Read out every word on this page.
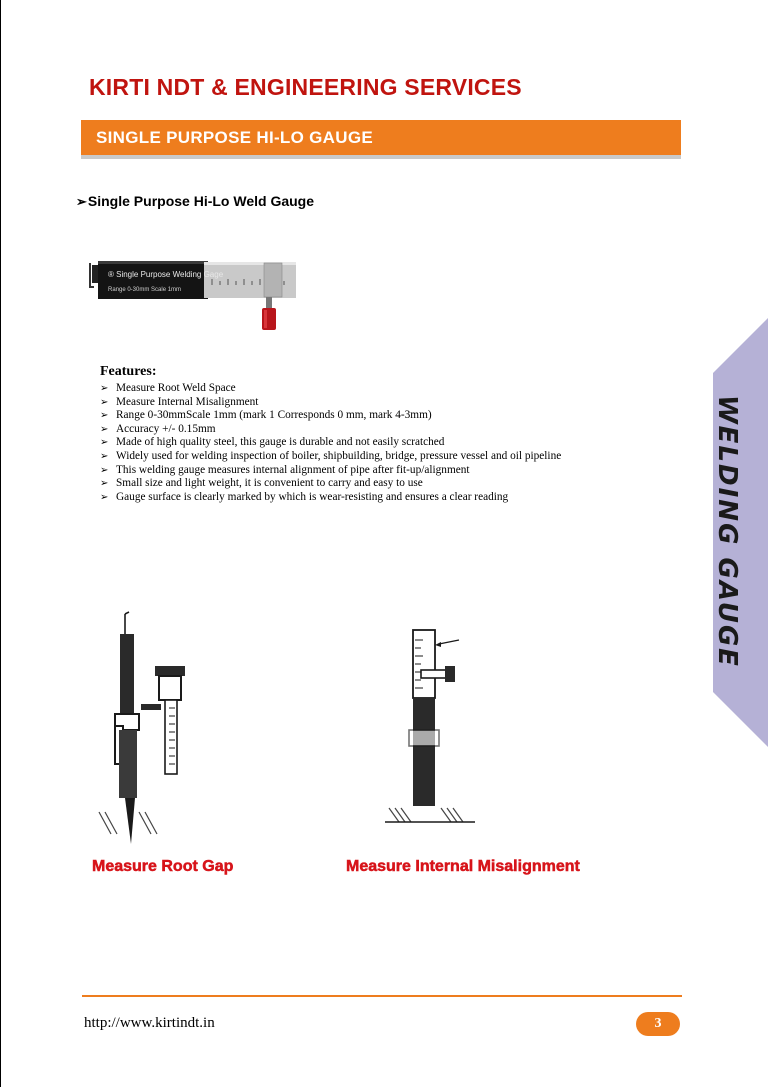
KIRTI NDT & ENGINEERING SERVICES
SINGLE PURPOSE HI-LO GAUGE
➢Single Purpose Hi-Lo Weld Gauge
® Single Purpose Welding Gage
Range 0-30mm Scale 1mm
Features:
➢ Measure Root Weld Space
➢ Measure Internal Misalignment
➢ Range 0-30mmScale 1mm (mark 1 Corresponds 0 mm, mark 4-3mm)
➢ Accuracy +/- 0.15mm
➢ Made of high quality steel, this gauge is durable and not easily scratched
➢ Widely used for welding inspection of boiler, shipbuilding, bridge, pressure vessel and oil pipeline
➢ This welding gauge measures internal alignment of pipe after fit-up/alignment
➢ Small size and light weight, it is convenient to carry and easy to use
➢ Gauge surface is clearly marked by which is wear-resisting and ensures a clear reading	WELDING GAUGE
Measure Root Gap	Measure Internal Misalignment
http://www.kirtindt.in	3
